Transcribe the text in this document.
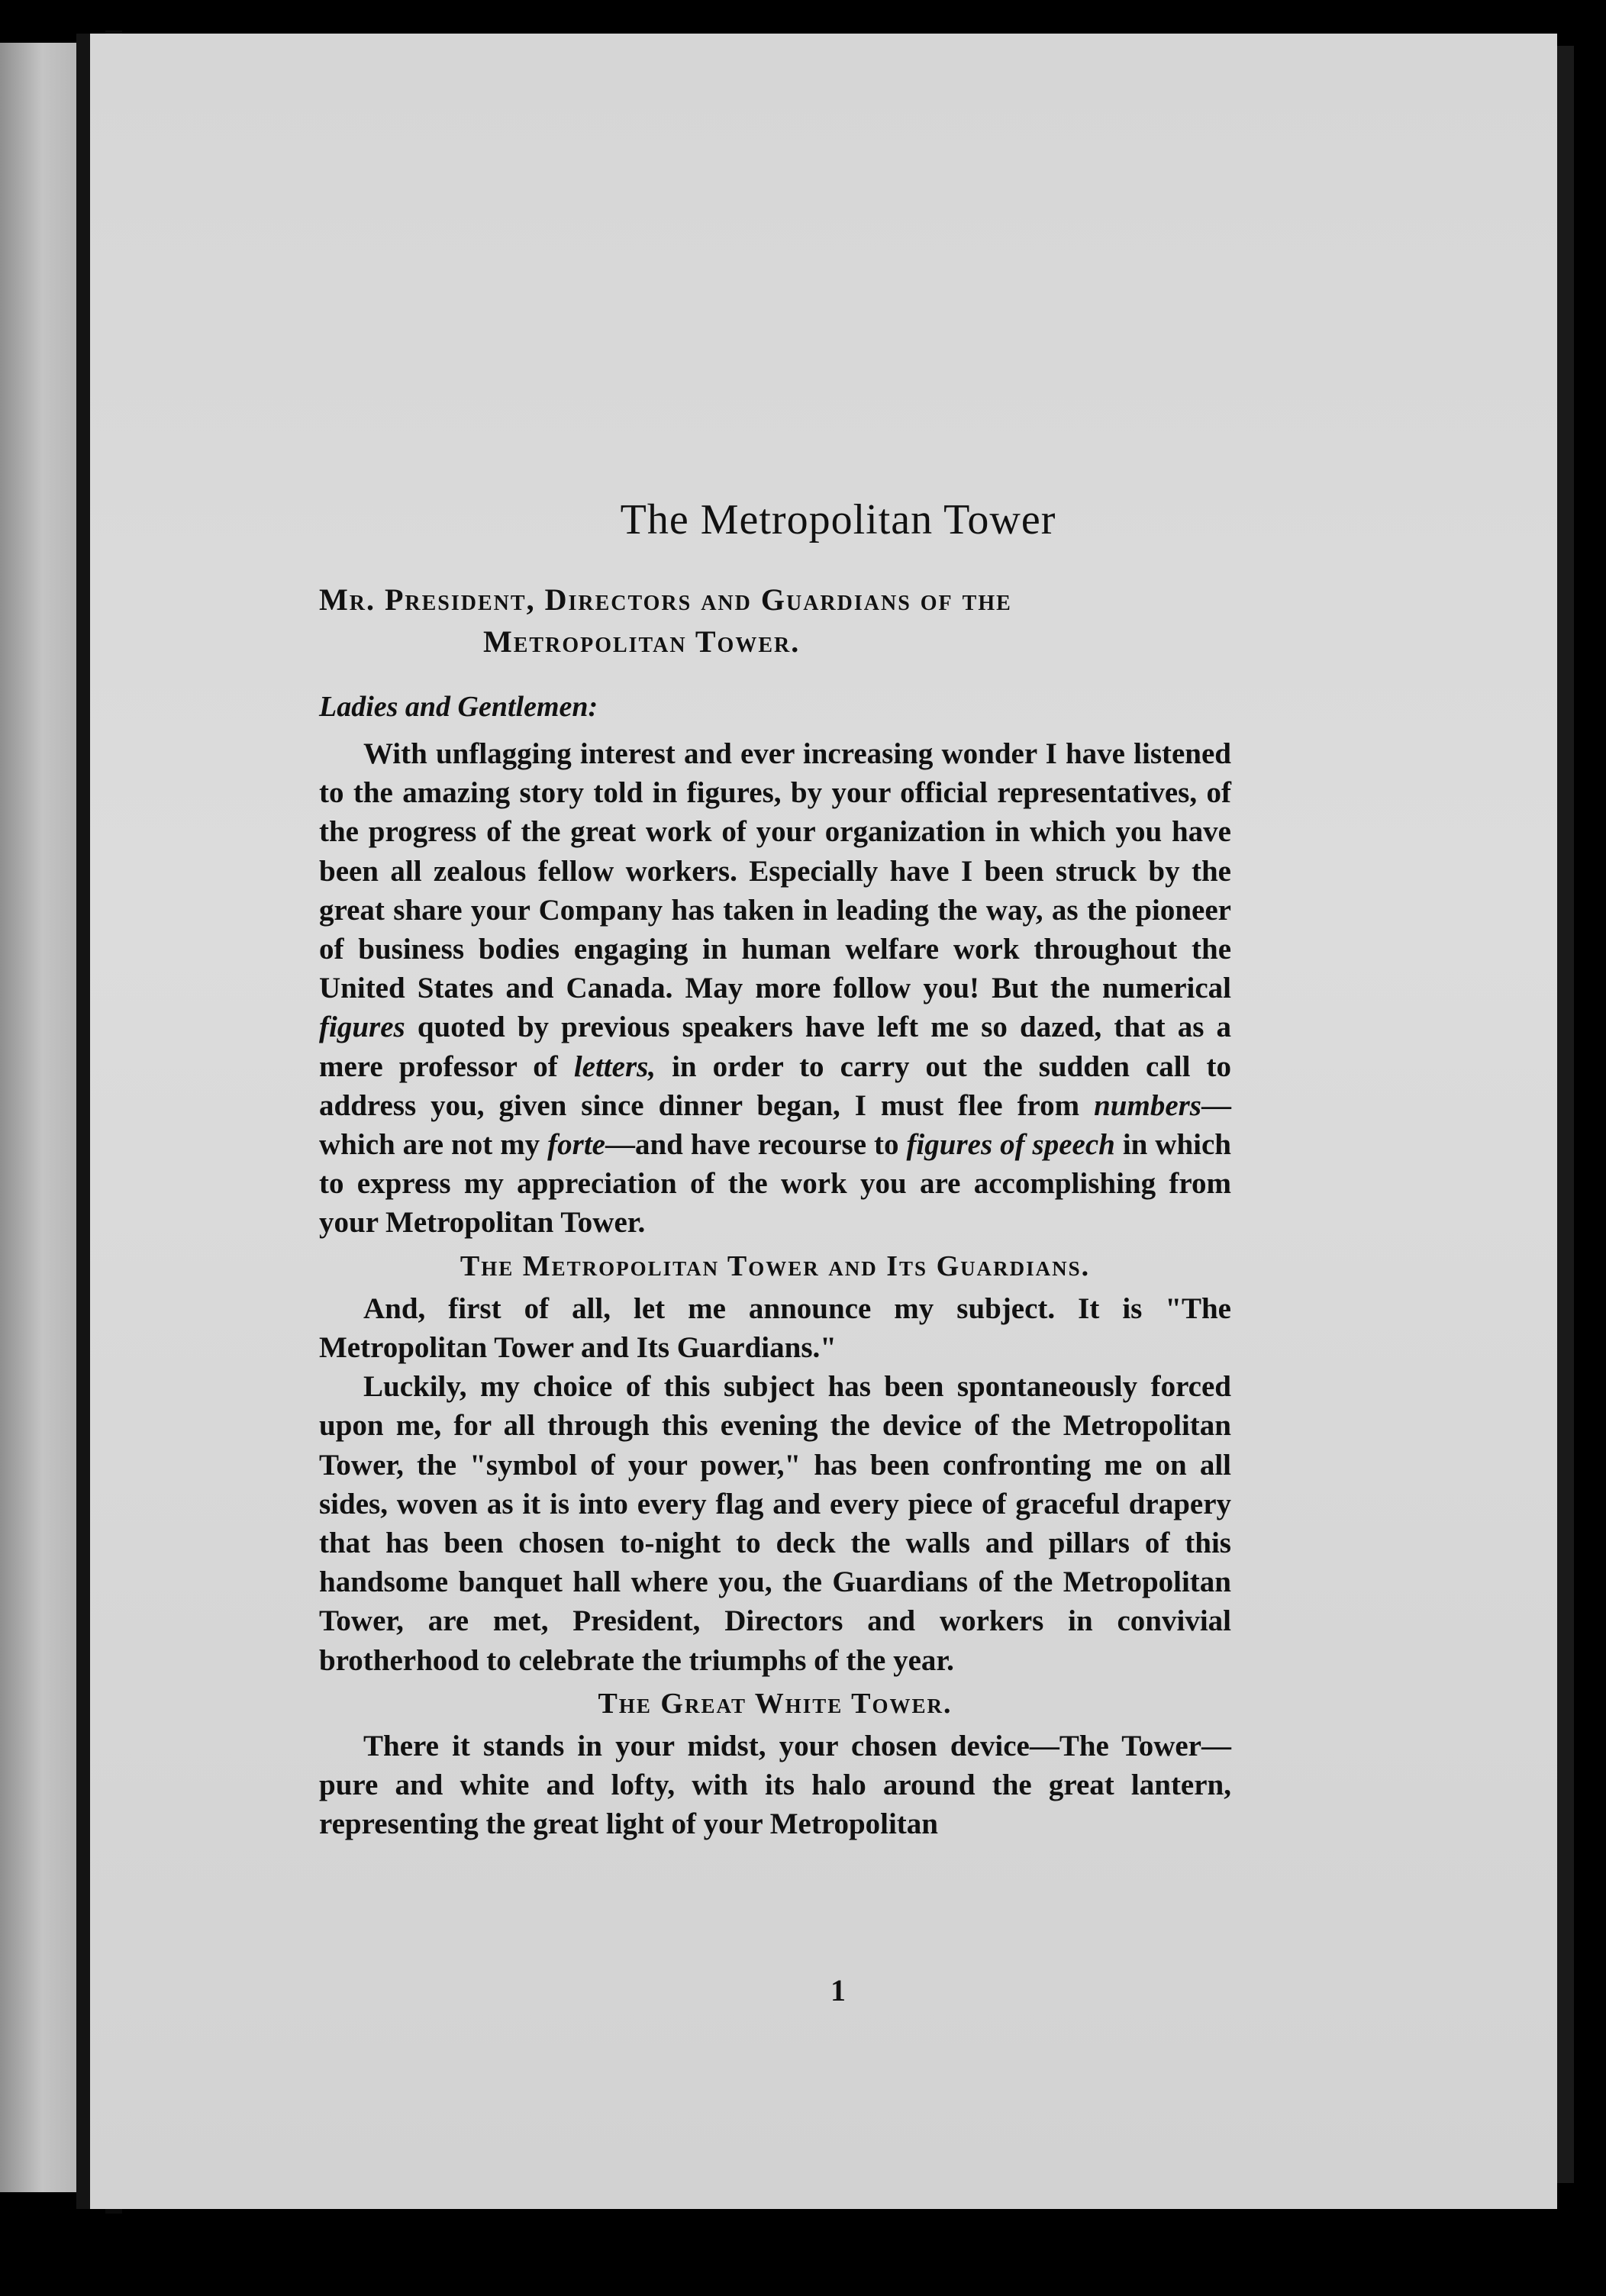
The Metropolitan Tower
Mr. President, Directors and Guardians of the
Metropolitan Tower.
Ladies and Gentlemen:

With unflagging interest and ever increasing wonder I have listened to the amazing story told in figures, by your official representatives, of the progress of the great work of your organization in which you have been all zealous fellow workers. Especially have I been struck by the great share your Company has taken in leading the way, as the pioneer of business bodies engaging in human welfare work throughout the United States and Canada. May more follow you! But the numerical figures quoted by previous speakers have left me so dazed, that as a mere professor of letters, in order to carry out the sudden call to address you, given since dinner began, I must flee from numbers—which are not my forte—and have recourse to figures of speech in which to express my appreciation of the work you are accomplishing from your Metropolitan Tower.

The Metropolitan Tower and Its Guardians.

And, first of all, let me announce my subject. It is "The Metropolitan Tower and Its Guardians."

Luckily, my choice of this subject has been spontaneously forced upon me, for all through this evening the device of the Metropolitan Tower, the "symbol of your power," has been confronting me on all sides, woven as it is into every flag and every piece of graceful drapery that has been chosen to-night to deck the walls and pillars of this handsome banquet hall where you, the Guardians of the Metropolitan Tower, are met, President, Directors and workers in convivial brotherhood to celebrate the triumphs of the year.

The Great White Tower.

There it stands in your midst, your chosen device—The Tower—pure and white and lofty, with its halo around the great lantern, representing the great light of your Metropolitan

1
